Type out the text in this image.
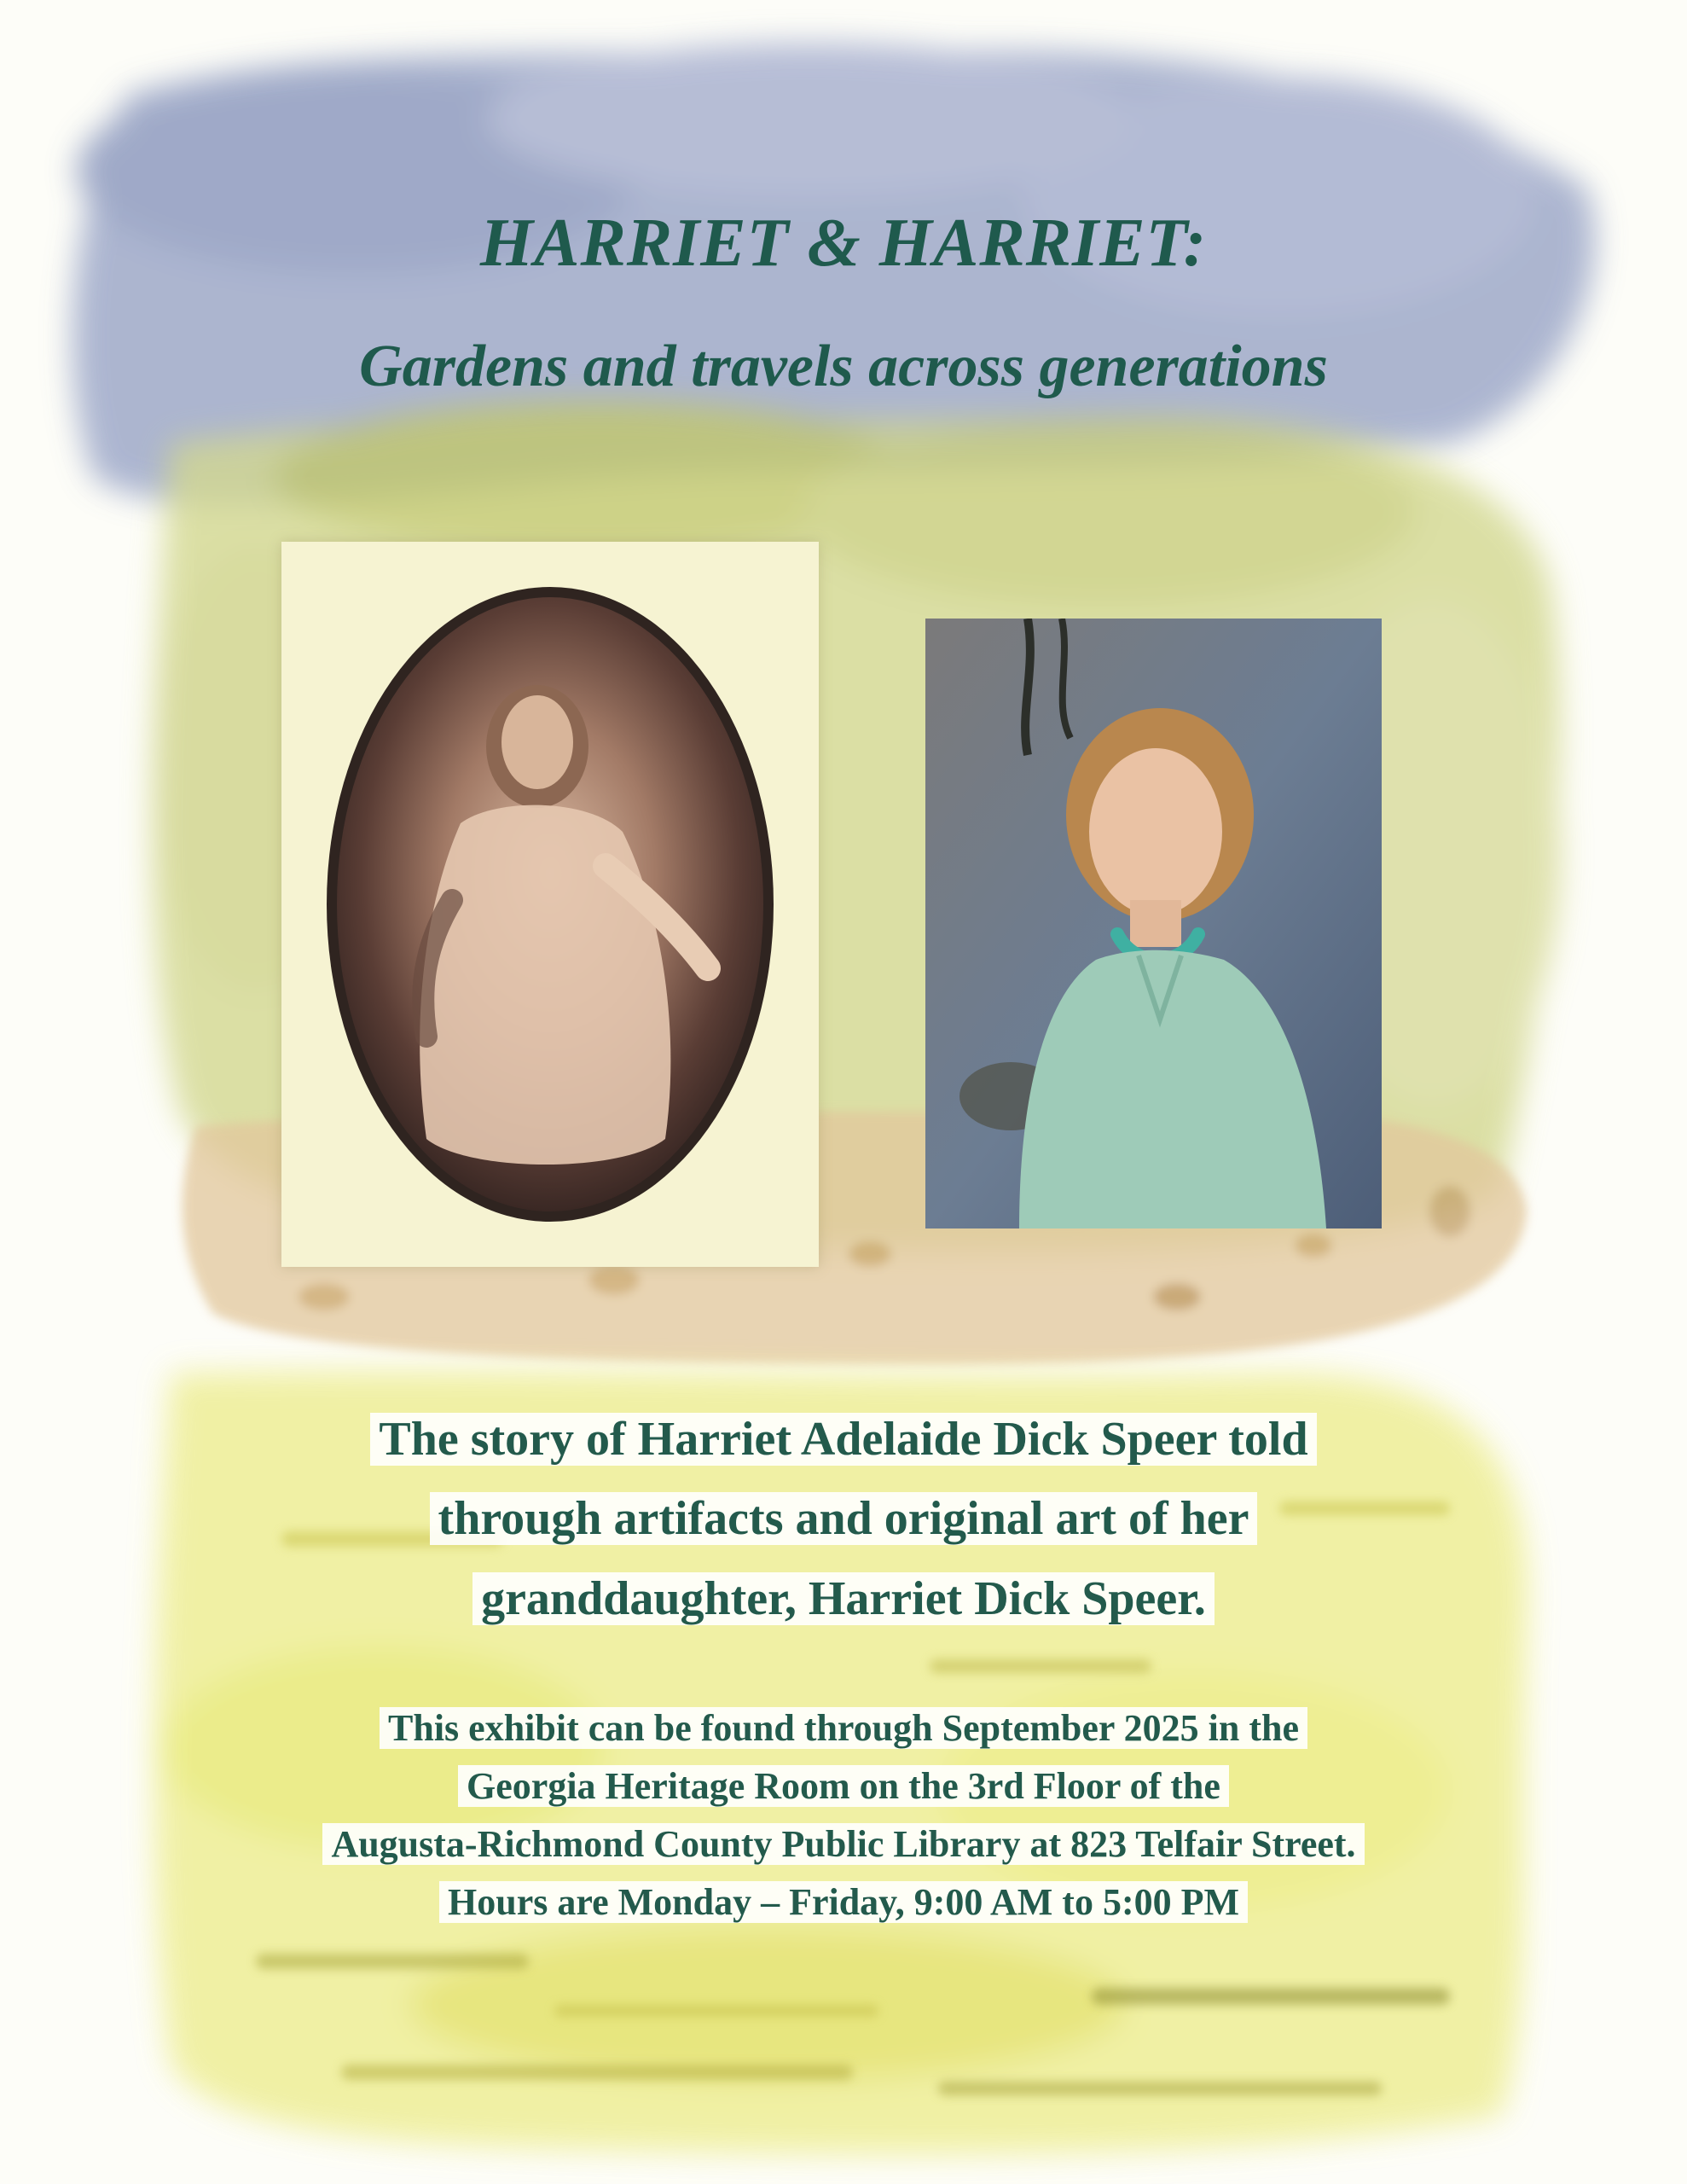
HARRIET & HARRIET:
Gardens and travels across generations
The story of Harriet Adelaide Dick Speer told
through artifacts and original art of her
granddaughter, Harriet Dick Speer.
This exhibit can be found through September 2025 in the
Georgia Heritage Room on the 3rd Floor of the
Augusta-Richmond County Public Library at 823 Telfair Street.
Hours are Monday – Friday, 9:00 AM to 5:00 PM
